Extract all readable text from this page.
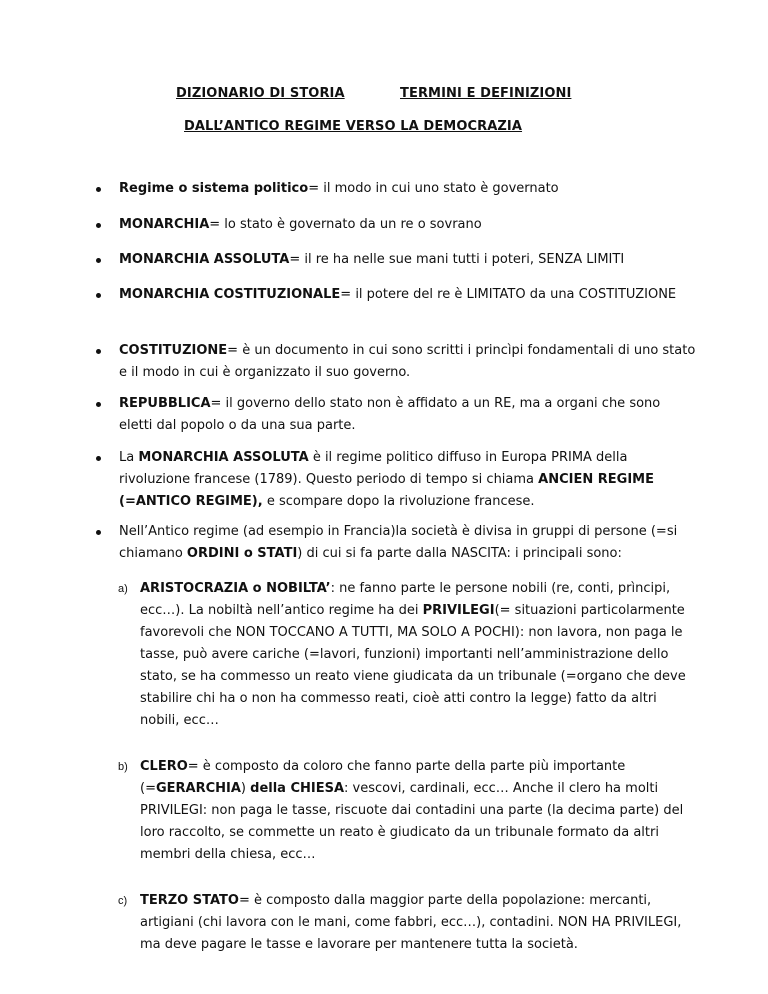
DIZIONARIO DI STORIA	TERMINI E DEFINIZIONI
DALL’ANTICO REGIME VERSO LA DEMOCRAZIA
Regime o sistema politico= il modo in cui uno stato è governato
MONARCHIA= lo stato è governato da un re o sovrano
MONARCHIA ASSOLUTA= il re ha nelle sue mani tutti i poteri, SENZA LIMITI
MONARCHIA COSTITUZIONALE= il potere del re è LIMITATO da una COSTITUZIONE
COSTITUZIONE= è un documento in cui sono scritti i princìpi fondamentali di uno stato e il modo in cui è organizzato il suo governo.
REPUBBLICA= il governo dello stato non è affidato a un RE, ma a organi che sono eletti dal popolo o da una sua parte.
La MONARCHIA ASSOLUTA è il regime politico diffuso in Europa PRIMA della rivoluzione francese (1789). Questo periodo di tempo si chiama ANCIEN REGIME (=ANTICO REGIME), e scompare dopo la rivoluzione francese.
Nell’Antico regime (ad esempio in Francia)la società è divisa in gruppi di persone (=si chiamano ORDINI o STATI) di cui si fa parte dalla NASCITA: i principali sono:
a) ARISTOCRAZIA o NOBILTA’: ne fanno parte le persone nobili (re, conti, prìncipi, ecc…). La nobiltà nell’antico regime ha dei PRIVILEGI(= situazioni particolarmente favorevoli che NON TOCCANO A TUTTI, MA SOLO A POCHI): non lavora, non paga le tasse, può avere cariche (=lavori, funzioni) importanti nell’amministrazione dello stato, se ha commesso un reato viene giudicata da un tribunale (=organo che deve stabilire chi ha o non ha commesso reati, cioè atti contro la legge) fatto da altri nobili, ecc…
b) CLERO= è composto da coloro che fanno parte della parte più importante (=GERARCHIA) della CHIESA: vescovi, cardinali, ecc… Anche il clero ha molti PRIVILEGI: non paga le tasse, riscuote dai contadini una parte (la decima parte) del loro raccolto, se commette un reato è giudicato da un tribunale formato da altri membri della chiesa, ecc…
c) TERZO STATO= è composto dalla maggior parte della popolazione: mercanti, artigiani (chi lavora con le mani, come fabbri, ecc…), contadini. NON HA PRIVILEGI, ma deve pagare le tasse e lavorare per mantenere tutta la società.
